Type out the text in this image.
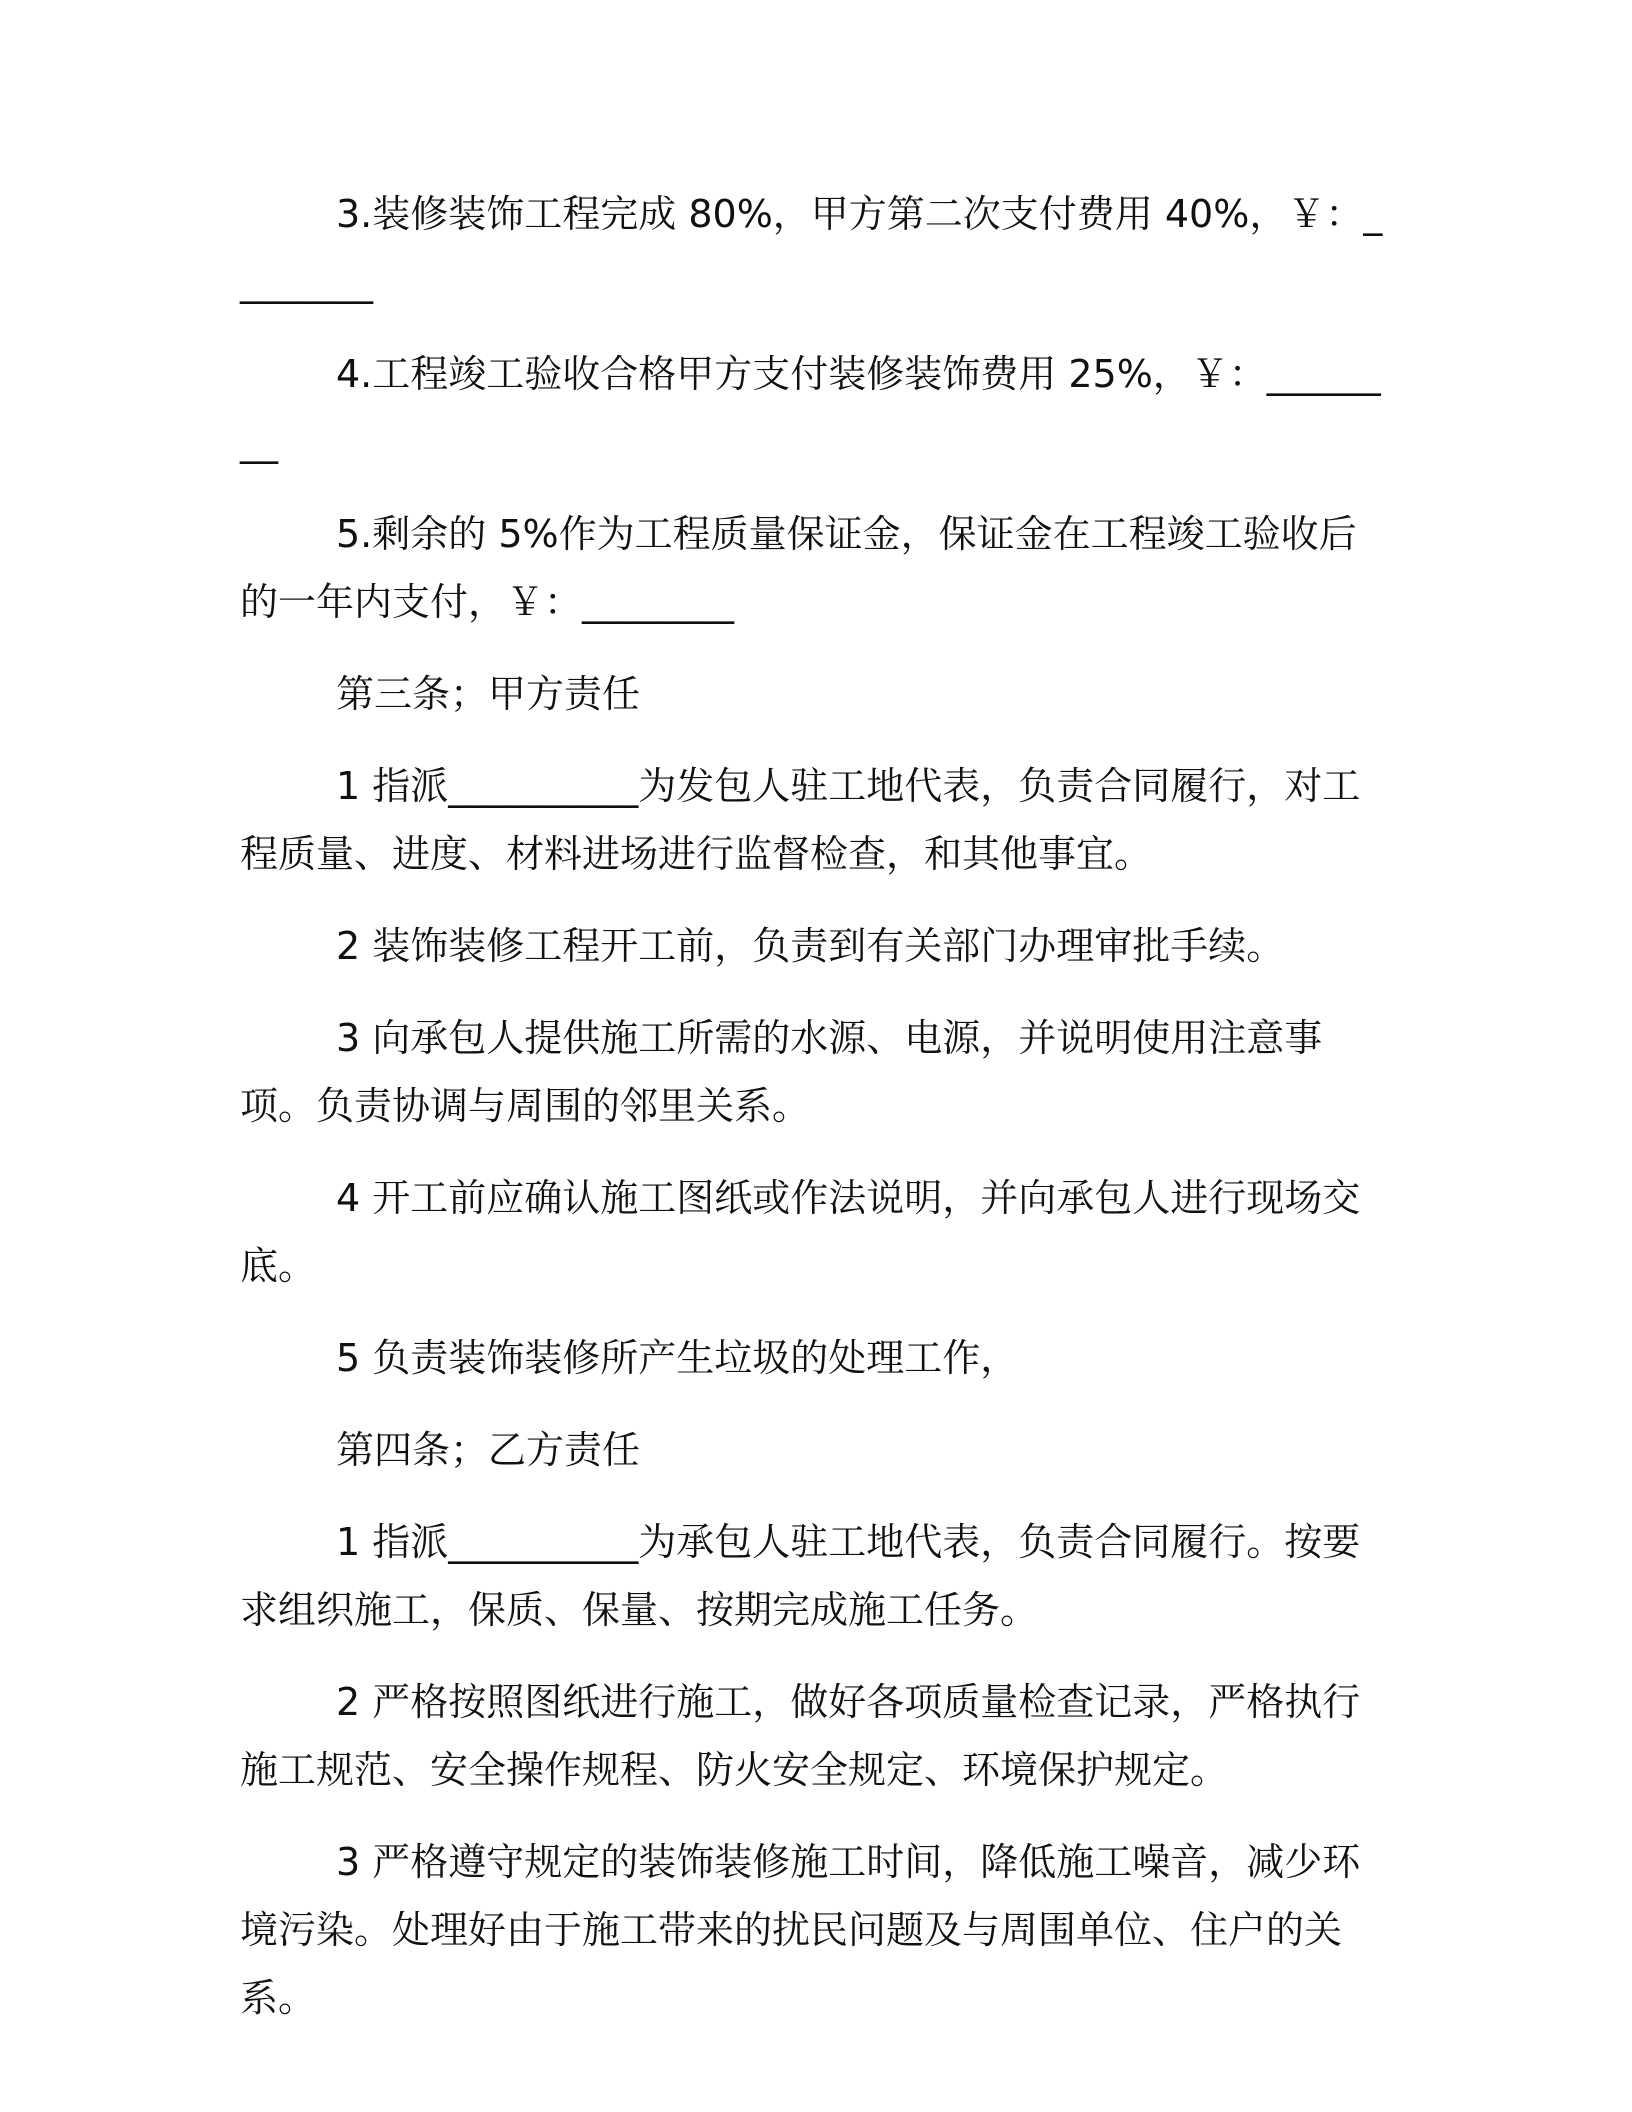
3.装修装饰工程完成 80%，甲方第二次支付费用 40%，￥：________

4.工程竣工验收合格甲方支付装修装饰费用 25%，￥：________

5.剩余的 5%作为工程质量保证金，保证金在工程竣工验收后的一年内支付，￥：________

第三条；甲方责任

1 指派__________为发包人驻工地代表，负责合同履行，对工程质量、进度、材料进场进行监督检查，和其他事宜。

2 装饰装修工程开工前，负责到有关部门办理审批手续。

3 向承包人提供施工所需的水源、电源，并说明使用注意事项。负责协调与周围的邻里关系。

4 开工前应确认施工图纸或作法说明，并向承包人进行现场交底。

5 负责装饰装修所产生垃圾的处理工作，

第四条；乙方责任

1 指派__________为承包人驻工地代表，负责合同履行。按要求组织施工，保质、保量、按期完成施工任务。

2 严格按照图纸进行施工，做好各项质量检查记录，严格执行施工规范、安全操作规程、防火安全规定、环境保护规定。

3 严格遵守规定的装饰装修施工时间，降低施工噪音，减少环境污染。处理好由于施工带来的扰民问题及与周围单位、住户的关系。
